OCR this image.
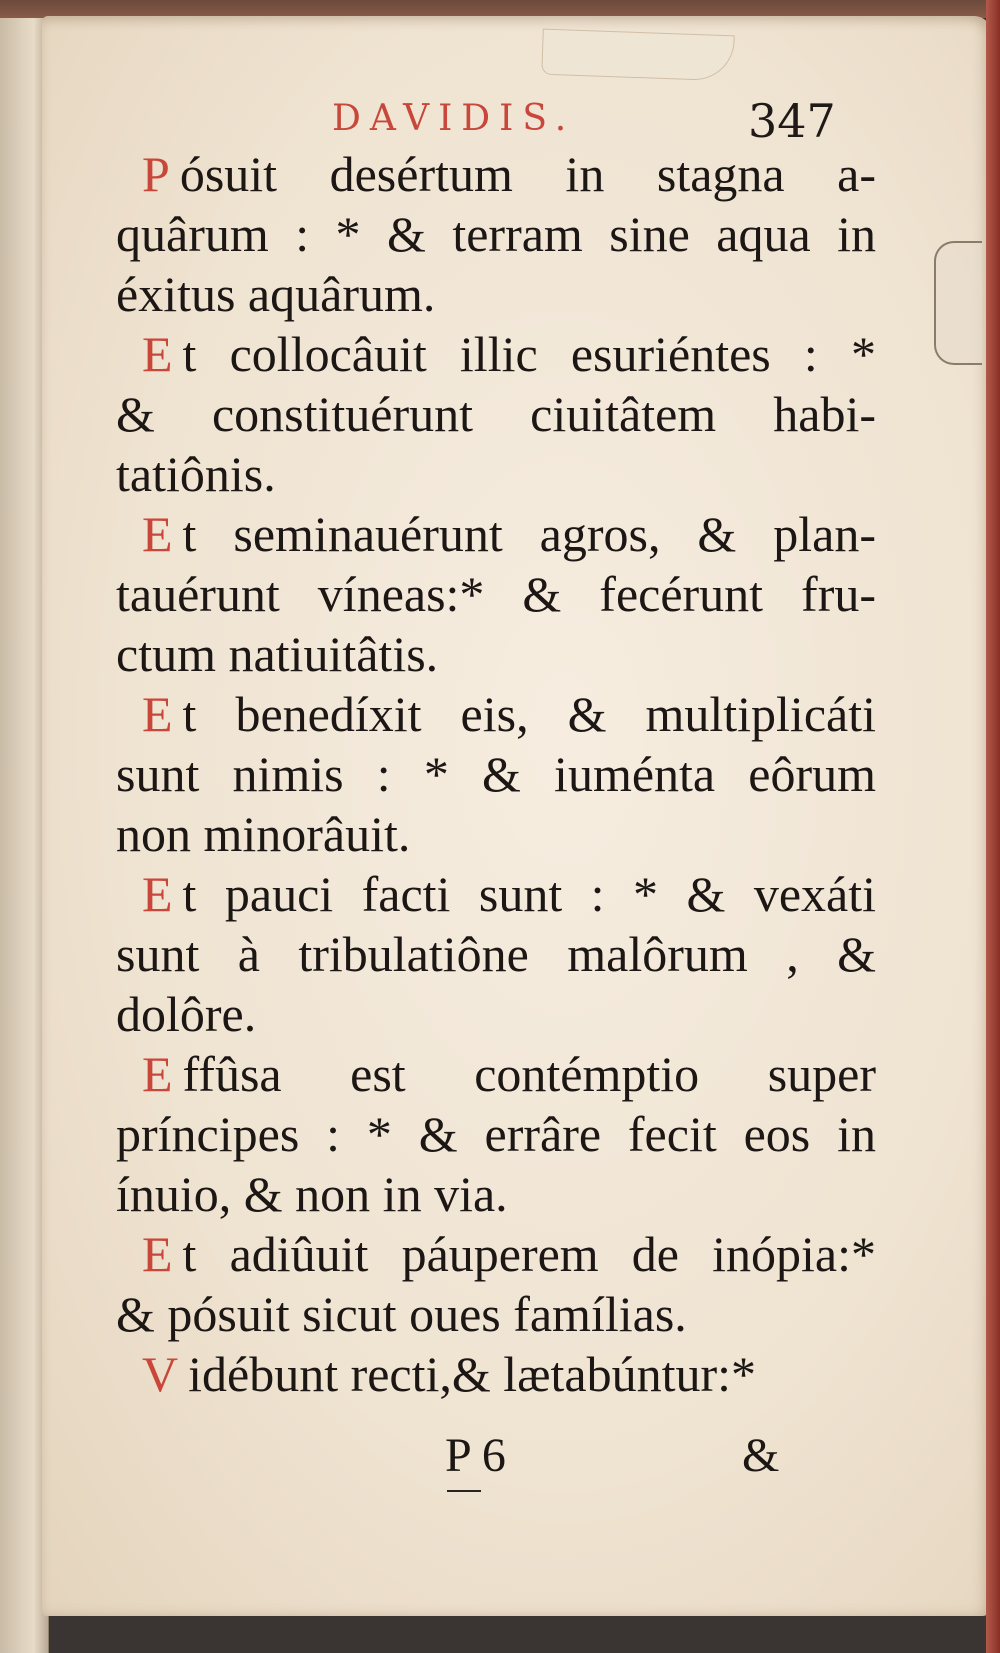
DAVIDIS.	347
P ósuit desértum in stagna a-
quârum : * & terram sine aqua in
éxitus aquârum.
E t collocâuit illic esuriéntes : *
& constituérunt ciuitâtem habi-
tatiônis.
E t seminauérunt agros, & plan-
tauérunt víneas:* & fecérunt fru-
ctum natiuitâtis.
E t benedíxit eis, & multiplicáti
sunt nimis : * & iuménta eôrum
non minorâuit.
E t pauci facti sunt : * & vexáti
sunt à tribulatiône malôrum , &
dolôre.
E ffûsa est contémptio super
príncipes : * & errâre fecit eos in
ínuio, & non in via.
E t adiûuit páuperem de inópia:*
& pósuit sicut oues famílias.
V idébunt recti,& lætabúntur:*
P 6	&
